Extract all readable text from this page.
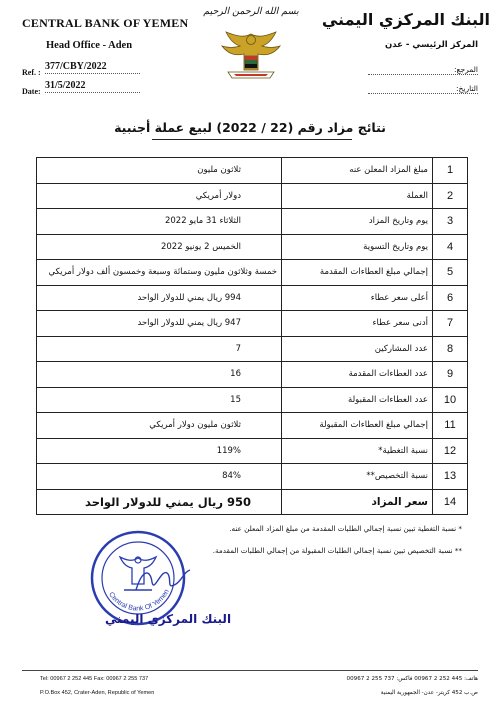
CENTRAL BANK OF YEMEN
Head Office - Aden
Ref. :
377/CBY/2022
Date:
31/5/2022
بسم الله الرحمن الرحيم	البنك المركزي اليمني
المركز الرئيسي - عدن
المرجع:
التاريخ:
نتائج مزاد رقم (22 / 2022) لبيع عملة أجنبية
1	مبلغ المزاد المعلن عنه	ثلاثون مليون
2	العملة	دولار أمريكي
3	يوم وتاريخ المزاد	الثلاثاء 31 مايو 2022
4	يوم وتاريخ التسوية	الخميس 2 يونيو 2022
5	إجمالي مبلغ العطاءات المقدمة	خمسة وثلاثون مليون وستمائة وسبعة وخمسون ألف دولار أمريكي
6	أعلى سعر عطاء	994 ريال يمني للدولار الواحد
7	أدنى سعر عطاء	947 ريال يمني للدولار الواحد
8	عدد المشاركين	7
9	عدد العطاءات المقدمة	16
10	عدد العطاءات المقبولة	15
11	إجمالي مبلغ العطاءات المقبولة	ثلاثون مليون دولار أمريكي
12	نسبة التغطية*	119%
13	نسبة التخصيص**	84%
14	سعر المزاد	950 ريال يمني للدولار الواحد
* نسبة التغطية تبين نسبة إجمالي الطلبات المقدمة من مبلغ المزاد المعلن عنه.
** نسبة التخصيص تبين نسبة إجمالي الطلبات المقبولة من إجمالي الطلبات المقدمة.
Central Bank Of Yemen
البنك المركزي اليمني
Tel: 00967 2 252 445 Fax: 00967 2 255 737
P.O.Box 452, Crater-Aden, Republic of Yemen
هاتف: 445 252 2 00967 فاكس: 737 255 2 00967
ص.ب 452 كريتر- عدن- الجمهورية اليمنية
